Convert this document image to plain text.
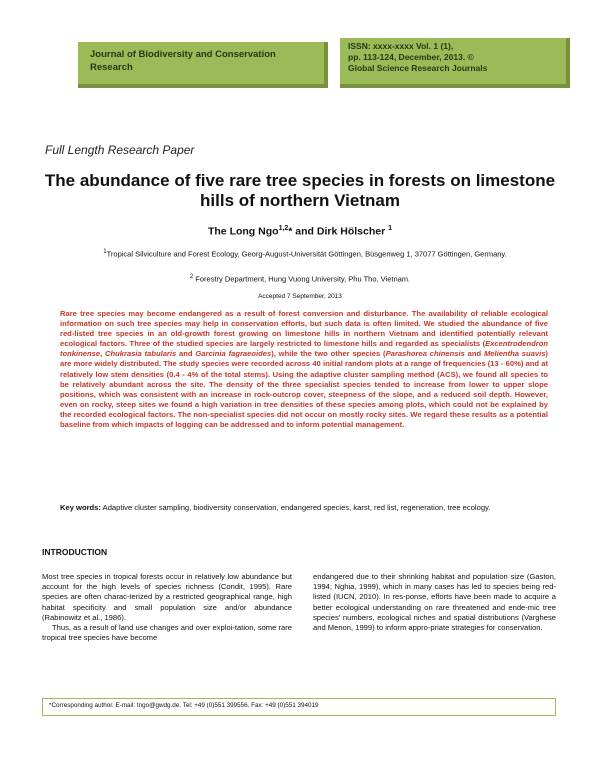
Journal of Biodiversity and Conservation Research
ISSN: xxxx-xxxx Vol. 1 (1),
pp. 113-124, December, 2013. ©
Global Science Research Journals
Full Length Research Paper
The abundance of five rare tree species in forests on limestone hills of northern Vietnam
The Long Ngo$^{1,2}$* and Dirk Hölscher $^1$
$^1$Tropical Silviculture and Forest Ecology, Georg-August-Universität Göttingen, Büsgenweg 1, 37077 Göttingen, Germany.
$^2$ Forestry Department, Hung Vuong University, Phu Tho, Vietnam.
Accepted 7 September, 2013
Rare tree species may become endangered as a result of forest conversion and disturbance. The availability of reliable ecological information on such tree species may help in conservation efforts, but such data is often limited. We studied the abundance of five red-listed tree species in an old-growth forest growing on limestone hills in northern Vietnam and identified potentially relevant ecological factors. Three of the studied species are largely restricted to limestone hills and regarded as specialists (Excentrodendron tonkinense, Chukrasia tabularis and Garcinia fagraeoides), while the two other species (Parashorea chinensis and Melientha suavis) are more widely distributed. The study species were recorded across 40 initial random plots at a range of frequencies (13 - 60%) and at relatively low stem densities (0.4 - 4% of the total stems). Using the adaptive cluster sampling method (ACS), we found all species to be relatively abundant across the site. The density of the three specialist species tended to increase from lower to upper slope positions, which was consistent with an increase in rock-outcrop cover, steepness of the slope, and a reduced soil depth. However, even on rocky, steep sites we found a high variation in tree densities of these species among plots, which could not be explained by the recorded ecological factors. The non-specialist species did not occur on mostly rocky sites. We regard these results as a potential baseline from which impacts of logging can be addressed and to inform potential management.
Key words: Adaptive cluster sampling, biodiversity conservation, endangered species, karst, red list, regeneration, tree ecology.
INTRODUCTION

Most tree species in tropical forests occur in relatively low abundance but account for the high levels of species richness (Condit, 1995). Rare species are often charac-terized by a restricted geographical range, high habitat specificity and small population size and/or abundance (Rabinowitz et al., 1986).

Thus, as a result of land use changes and over exploi-tation, some rare tropical tree species have become

endangered due to their shrinking habitat and population size (Gaston, 1994; Nghia, 1999), which in many cases has led to species being red-listed (IUCN, 2010). In res-ponse, efforts have been made to acquire a better ecological understanding on rare threatened and ende-mic tree species' numbers, ecological niches and spatial distributions (Varghese and Menon, 1999) to inform appro-priate strategies for conservation.

*Corresponding author. E-mail: tngo@gwdg.de. Tel: +49 (0)551 399556. Fax: +49 (0)551 394019
